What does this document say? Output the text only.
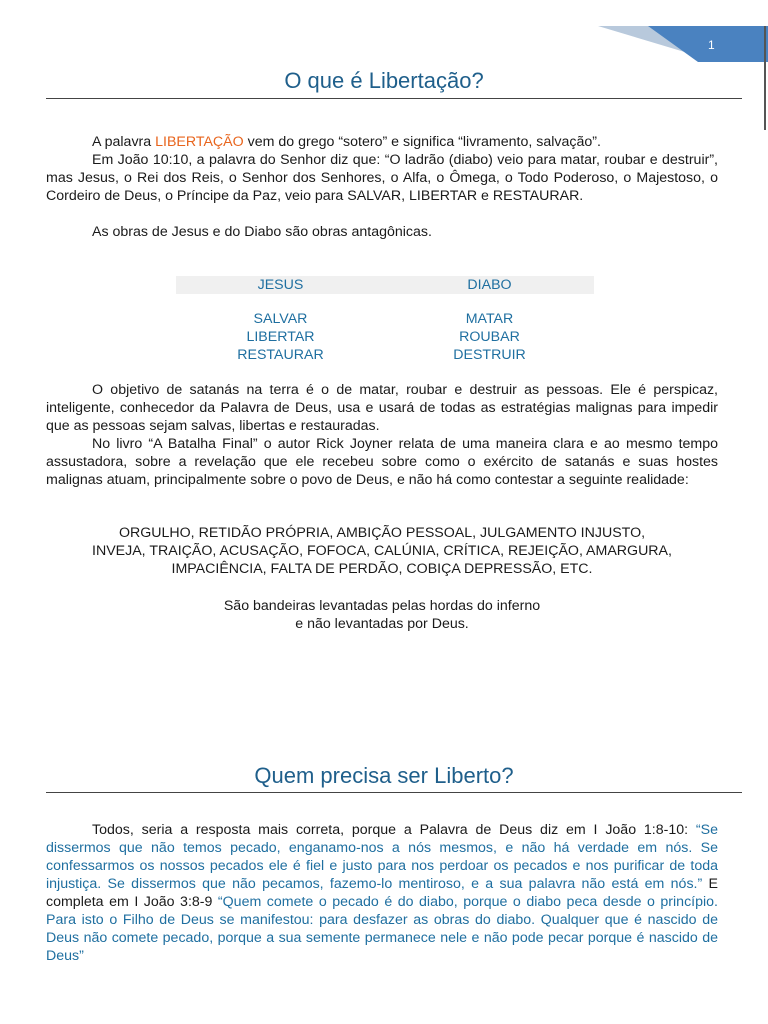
1
O que é Libertação?

A palavra LIBERTAÇÃO vem do grego “sotero” e significa “livramento, salvação”.

Em João 10:10, a palavra do Senhor diz que: “O ladrão (diabo) veio para matar, roubar e destruir”, mas Jesus, o Rei dos Reis, o Senhor dos Senhores, o Alfa, o Ômega, o Todo Poderoso, o Majestoso, o Cordeiro de Deus, o Príncipe da Paz, veio para SALVAR, LIBERTAR e RESTAURAR.

As obras de Jesus e do Diabo são obras antagônicas.

JESUS	DIABO
SALVAR
LIBERTAR
RESTAURAR
MATAR
ROUBAR
DESTRUIR

O objetivo de satanás na terra é o de matar, roubar e destruir as pessoas. Ele é perspicaz, inteligente, conhecedor da Palavra de Deus, usa e usará de todas as estratégias malignas para impedir que as pessoas sejam salvas, libertas e restauradas.

No livro “A Batalha Final” o autor Rick Joyner relata de uma maneira clara e ao mesmo tempo assustadora, sobre a revelação que ele recebeu sobre como o exército de satanás e suas hostes malignas atuam, principalmente sobre o povo de Deus, e não há como contestar a seguinte realidade:

ORGULHO, RETIDÃO PRÓPRIA, AMBIÇÃO PESSOAL, JULGAMENTO INJUSTO,
INVEJA, TRAIÇÃO, ACUSAÇÃO, FOFOCA, CALÚNIA, CRÍTICA, REJEIÇÃO, AMARGURA,
IMPACIÊNCIA, FALTA DE PERDÃO, COBIÇA DEPRESSÃO, ETC.
São bandeiras levantadas pelas hordas do inferno
e não levantadas por Deus.
Quem precisa ser Liberto?

Todos, seria a resposta mais correta, porque a Palavra de Deus diz em I João 1:8-10: “Se dissermos que não temos pecado, enganamo-nos a nós mesmos, e não há verdade em nós. Se confessarmos os nossos pecados ele é fiel e justo para nos perdoar os pecados e nos purificar de toda injustiça. Se dissermos que não pecamos, fazemo-lo mentiroso, e a sua palavra não está em nós.” E completa em I João 3:8-9 “Quem comete o pecado é do diabo, porque o diabo peca desde o princípio. Para isto o Filho de Deus se manifestou: para desfazer as obras do diabo. Qualquer que é nascido de Deus não comete pecado, porque a sua semente permanece nele e não pode pecar porque é nascido de Deus”
